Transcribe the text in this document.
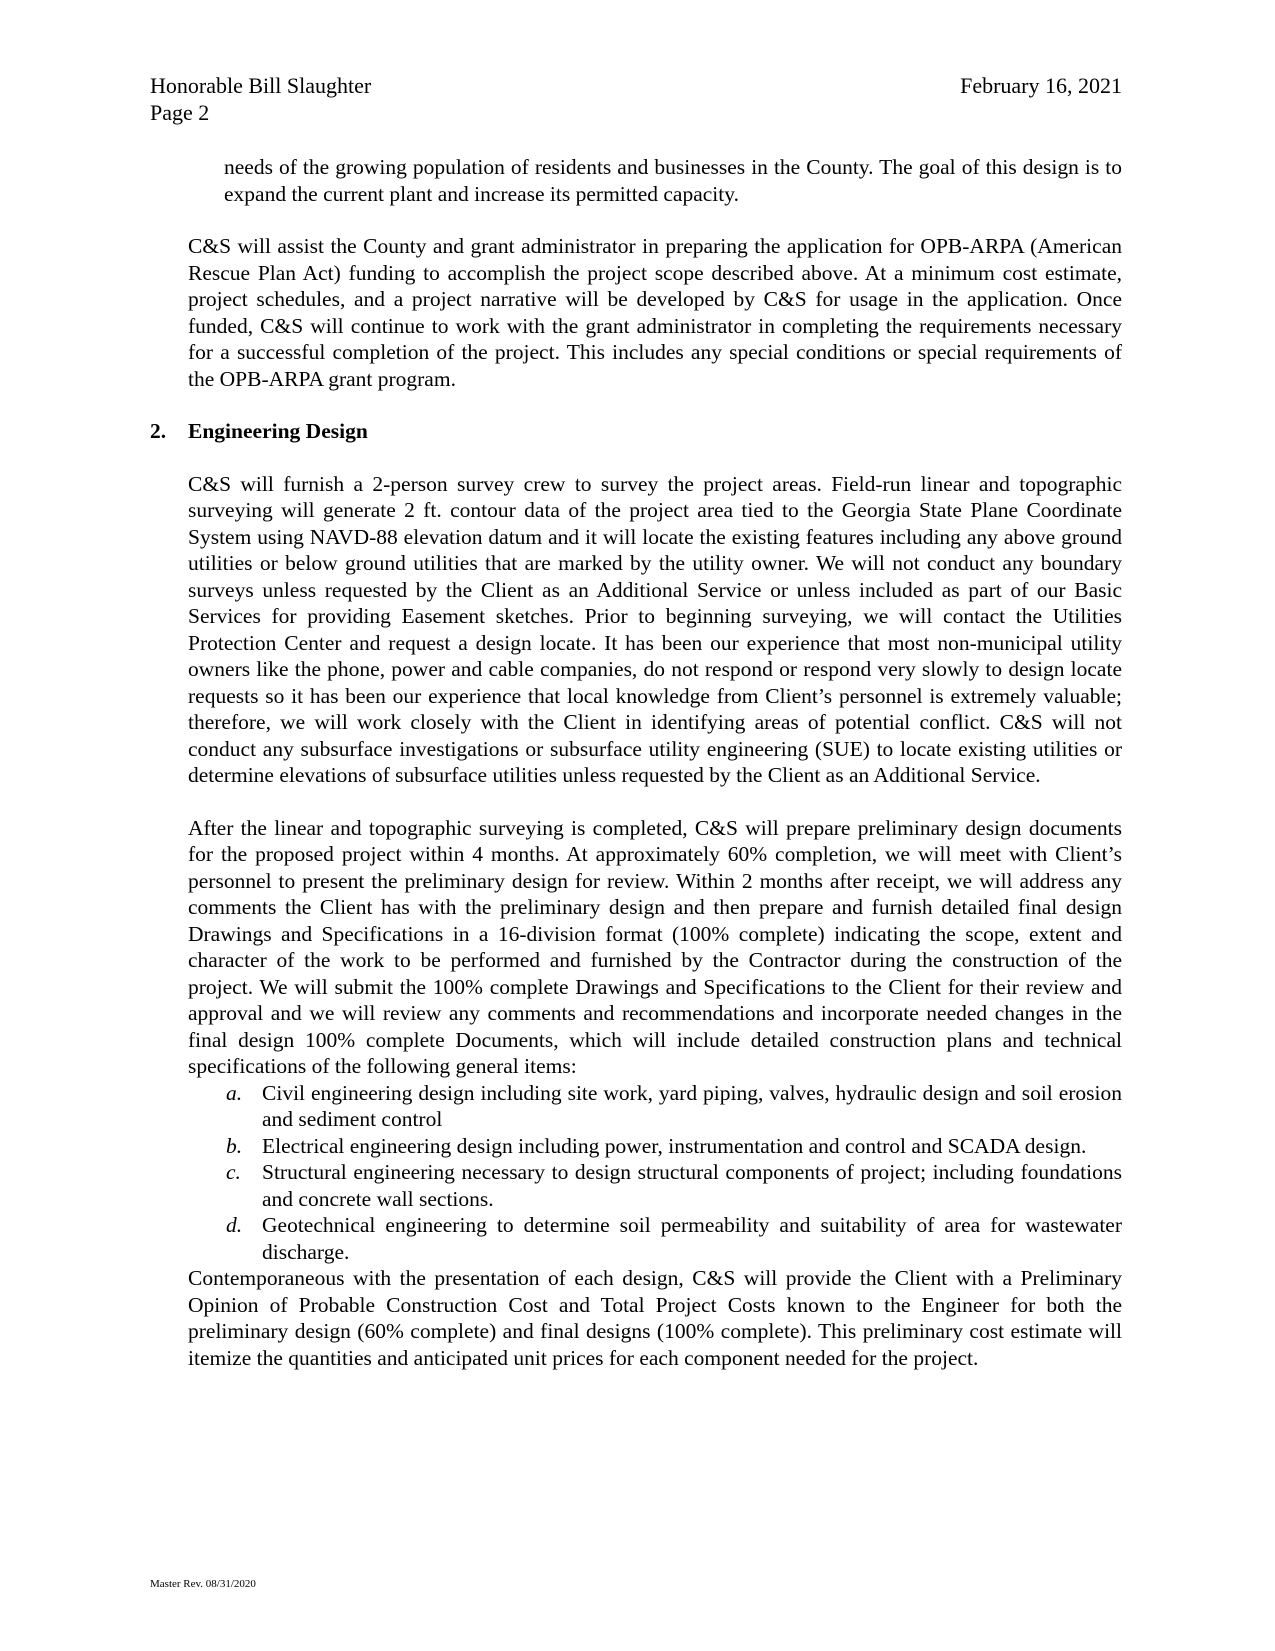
Honorable Bill Slaughter
Page 2
February 16, 2021

needs of the growing population of residents and businesses in the County. The goal of this design is to expand the current plant and increase its permitted capacity.

C&S will assist the County and grant administrator in preparing the application for OPB-ARPA (American Rescue Plan Act) funding to accomplish the project scope described above. At a minimum cost estimate, project schedules, and a project narrative will be developed by C&S for usage in the application. Once funded, C&S will continue to work with the grant administrator in completing the requirements necessary for a successful completion of the project. This includes any special conditions or special requirements of the OPB-ARPA grant program.

2.	Engineering Design

C&S will furnish a 2-person survey crew to survey the project areas. Field-run linear and topographic surveying will generate 2 ft. contour data of the project area tied to the Georgia State Plane Coordinate System using NAVD-88 elevation datum and it will locate the existing features including any above ground utilities or below ground utilities that are marked by the utility owner. We will not conduct any boundary surveys unless requested by the Client as an Additional Service or unless included as part of our Basic Services for providing Easement sketches. Prior to beginning surveying, we will contact the Utilities Protection Center and request a design locate. It has been our experience that most non-municipal utility owners like the phone, power and cable companies, do not respond or respond very slowly to design locate requests so it has been our experience that local knowledge from Client’s personnel is extremely valuable; therefore, we will work closely with the Client in identifying areas of potential conflict. C&S will not conduct any subsurface investigations or subsurface utility engineering (SUE) to locate existing utilities or determine elevations of subsurface utilities unless requested by the Client as an Additional Service.

After the linear and topographic surveying is completed, C&S will prepare preliminary design documents for the proposed project within 4 months. At approximately 60% completion, we will meet with Client’s personnel to present the preliminary design for review. Within 2 months after receipt, we will address any comments the Client has with the preliminary design and then prepare and furnish detailed final design Drawings and Specifications in a 16-division format (100% complete) indicating the scope, extent and character of the work to be performed and furnished by the Contractor during the construction of the project. We will submit the 100% complete Drawings and Specifications to the Client for their review and approval and we will review any comments and recommendations and incorporate needed changes in the final design 100% complete Documents, which will include detailed construction plans and technical specifications of the following general items:

a. Civil engineering design including site work, yard piping, valves, hydraulic design and soil erosion and sediment control
b. Electrical engineering design including power, instrumentation and control and SCADA design.
c. Structural engineering necessary to design structural components of project; including foundations and concrete wall sections.
d. Geotechnical engineering to determine soil permeability and suitability of area for wastewater discharge.

Contemporaneous with the presentation of each design, C&S will provide the Client with a Preliminary Opinion of Probable Construction Cost and Total Project Costs known to the Engineer for both the preliminary design (60% complete) and final designs (100% complete). This preliminary cost estimate will itemize the quantities and anticipated unit prices for each component needed for the project.

Master Rev. 08/31/2020
